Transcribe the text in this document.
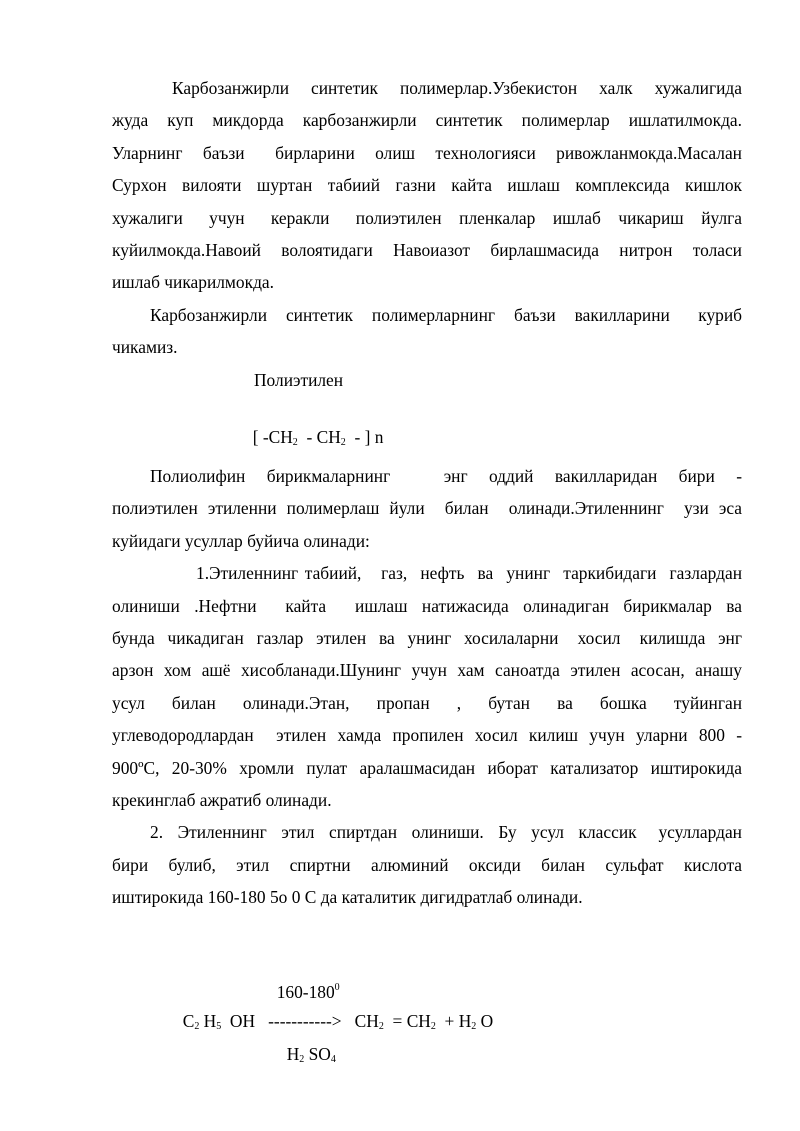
Карбозанжирли  синтетик  полимерлар.Узбекистон  халк  хужалигида
жуда  куп  микдорда  карбозанжирли  синтетик  полимерлар  ишлатилмокда.
Уларнинг  баъзи   бирларини  олиш  технологияси  ривожланмокда.Масалан
Сурхон  вилояти  шуртан  табиий  газни  кайта  ишлаш  комплексида  кишлок
хужалиги   учун   керакли   полиэтилен  пленкалар  ишлаб  чикариш  йулга
куйилмокда.Навоий  волоятидаги  Навоиазот  бирлашмасида  нитрон  толаси
ишлаб чикарилмокда.
Карбозанжирли  синтетик  полимерларнинг  баъзи  вакилларини   куриб
чикамиз.
Полиэтилен

[ $-CH_2 - CH_2$  - ] n

Полиолифин  бирикмаларнинг     энг  оддий  вакилларидан  бири  -
полиэтилен этиленни полимерлаш йули  билан  олинади.Этиленнинг  узи эса
куйидаги усуллар буйича олинади:
1.Этиленнинг табиий,   газ,  нефть  ва  унинг  таркибидаги  газлардан
олиниши  .Нефтни    кайта    ишлаш  натижасида  олинадиган  бирикмалар  ва
бунда  чикадиган  газлар  этилен  ва  унинг  хосилаларни   хосил   килишда  энг
арзон хом ашё хисобланади.Шунинг учун хам саноатда этилен асосан, анашу
усул    билан    олинади.Этан,    пропан    ,    бутан    ва    бошка    туйинган
углеводородлардан  этилен хамда пропилен хосил килиш учун уларни 800 -
900ºС, 20-30% хромли пулат аралашмасидан иборат катализатор иштирокида
крекинглаб ажратиб олинади.
2.  Этиленнинг  этил  спиртдан  олиниши.  Бу  усул  классик   усуллардан
бири  булиб,  этил  спиртни  алюминий  оксиди  билан  сульфат  кислота
иштирокида 160-180 5о 0 С да каталитик дигидратлаб олинади.

$160-180^0$

$C_2$ $H_5$  OH   ----------->   $CH_2 = CH_2 + H_2$ O

$H_2$ $SO_4$
